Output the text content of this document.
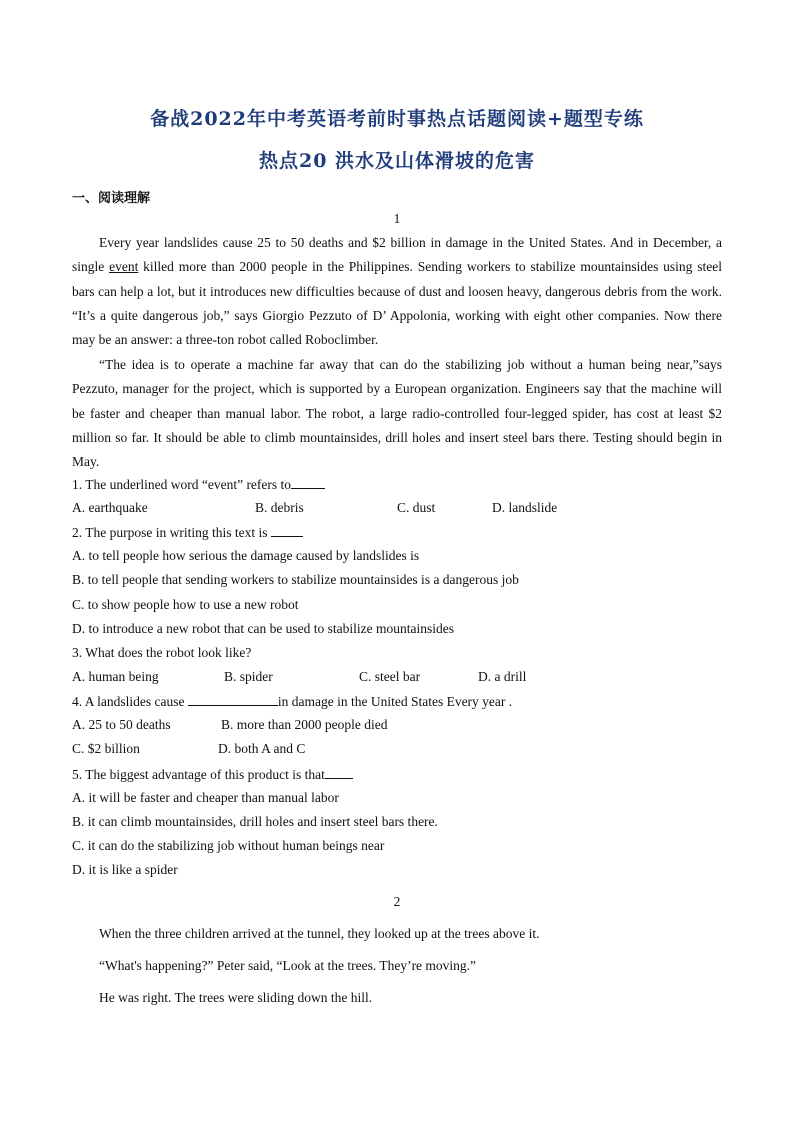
备战2022年中考英语考前时事热点话题阅读+题型专练
热点20 洪水及山体滑坡的危害
一、阅读理解
1

Every year landslides cause 25 to 50 deaths and $2 billion in damage in the United States. And in December, a single event killed more than 2000 people in the Philippines. Sending workers to stabilize mountainsides using steel bars can help a lot, but it introduces new difficulties because of dust and loosen heavy, dangerous debris from the work. “It’s a quite dangerous job,” says Giorgio Pezzuto of D’ Appolonia, working with eight other companies. Now there may be an answer: a three-ton robot called Roboclimber.

“The idea is to operate a machine far away that can do the stabilizing job without a human being near,”says Pezzuto, manager for the project, which is supported by a European organization. Engineers say that the machine will be faster and cheaper than manual labor. The robot, a large radio-controlled four-legged spider, has cost at least $2 million so far. It should be able to climb mountainsides, drill holes and insert steel bars there. Testing should begin in May.

1. The underlined word “event” refers to
A. earthquake	B. debris	C. dust	D. landslide
2. The purpose in writing this text is
A. to tell people how serious the damage caused by landslides is
B. to tell people that sending workers to stabilize mountainsides is a dangerous job
C. to show people how to use a new robot
D. to introduce a new robot that can be used to stabilize mountainsides
3. What does the robot look like?
A. human being	B. spider	C. steel bar	D. a drill
4. A landslides cause	in damage in the United States Every year .
A. 25 to 50 deaths	B. more than 2000 people died
C. $2 billion	D. both A and C
5. The biggest advantage of this product is that
A. it will be faster and cheaper than manual labor
B. it can climb mountainsides, drill holes and insert steel bars there.
C. it can do the stabilizing job without human beings near
D. it is like a spider
2
When the three children arrived at the tunnel, they looked up at the trees above it.
“What's happening?” Peter said, “Look at the trees. They’re moving.”
He was right. The trees were sliding down the hill.
